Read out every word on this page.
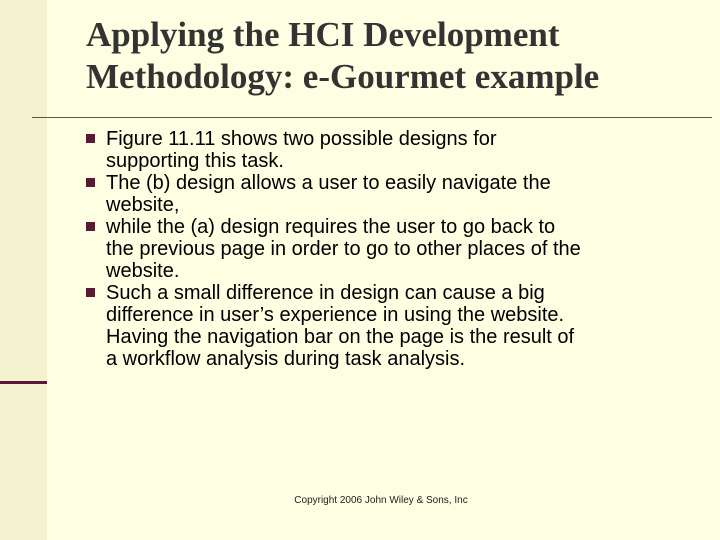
Applying the HCI Development
Methodology: e-Gourmet example
Figure 11.11 shows two possible designs for
supporting this task.
The (b) design allows a user to easily navigate the
website,
while the (a) design requires the user to go back to
the previous page in order to go to other places of the
website.
Such a small difference in design can cause a big
difference in user’s experience in using the website.
Having the navigation bar on the page is the result of
a workflow analysis during task analysis.
Copyright 2006 John Wiley & Sons, Inc
